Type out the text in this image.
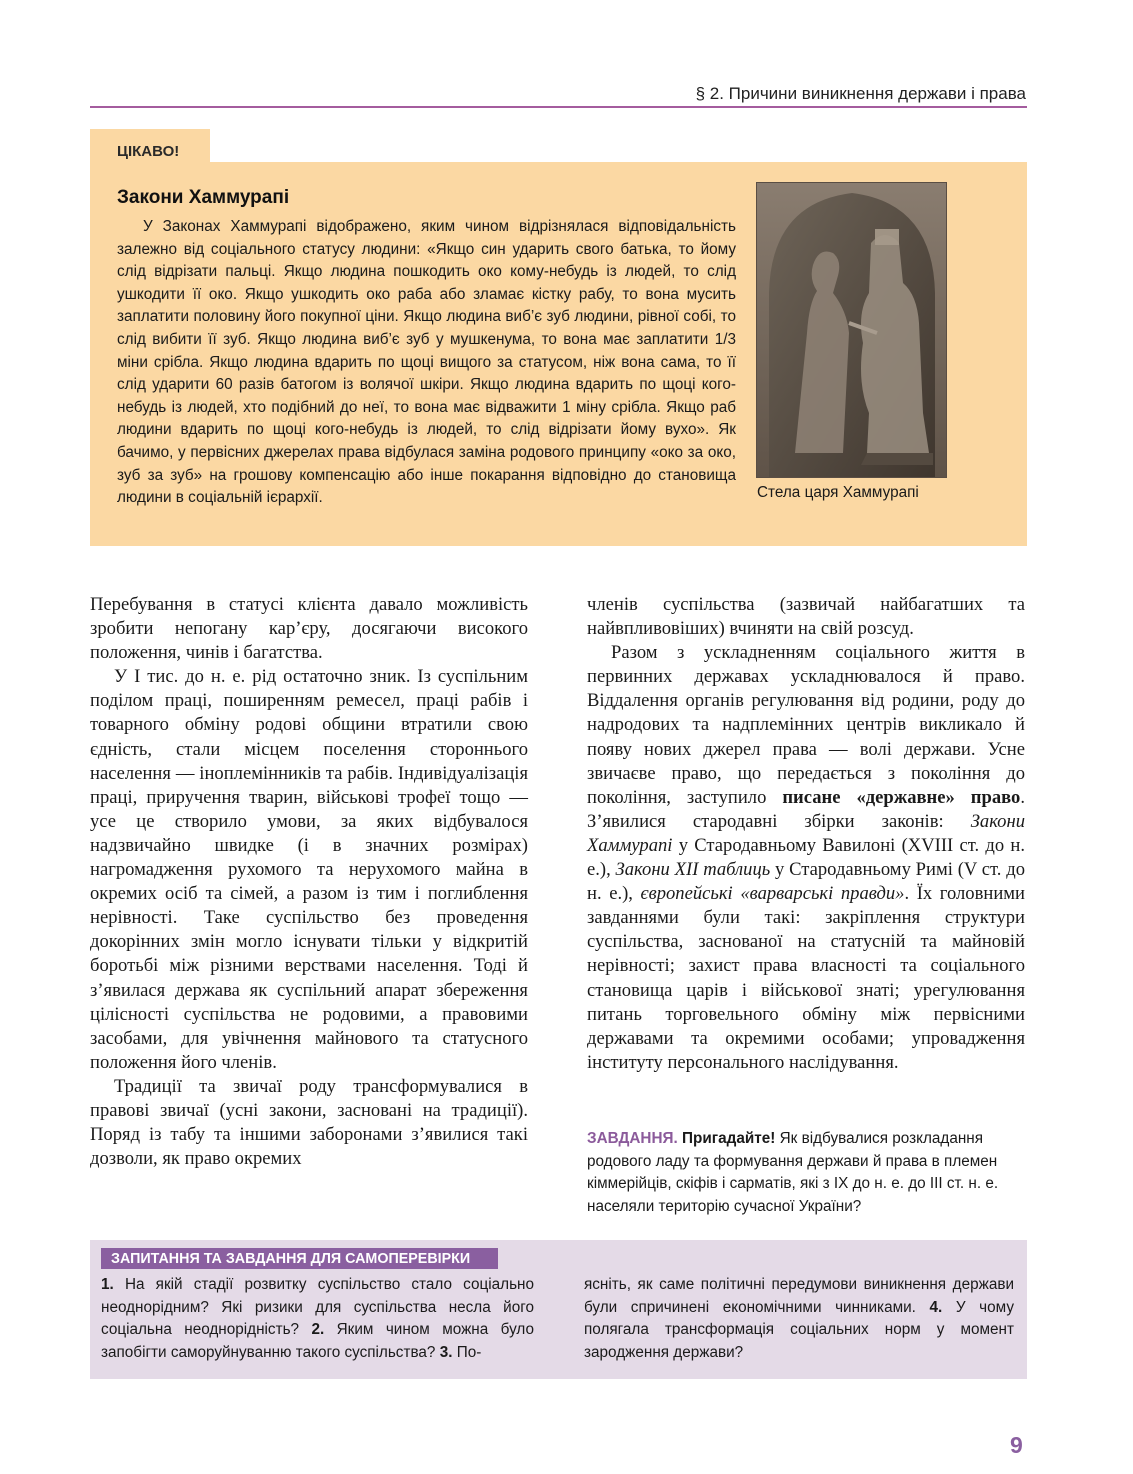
§ 2. Причини виникнення держави і права
ЦІКАВО!
Закони Хаммурапі

У Законах Хаммурапі відображено, яким чином відрізнялася відповідальність залежно від соціального статусу людини: «Якщо син ударить свого батька, то йому слід відрізати пальці. Якщо людина пошкодить око кому-небудь із людей, то слід ушкодити її око. Якщо ушкодить око раба або зламає кістку рабу, то вона мусить заплатити половину його покупної ціни. Якщо людина виб’є зуб людини, рівної собі, то слід вибити її зуб. Якщо людина виб’є зуб у мушкенума, то вона має заплатити 1/3 міни срібла. Якщо людина вдарить по щоці вищого за статусом, ніж вона сама, то її слід ударити 60 разів батогом із волячої шкіри. Якщо людина вдарить по щоці кого-небудь із людей, хто подібний до неї, то вона має відважити 1 міну срібла. Якщо раб людини вдарить по щоці кого-небудь із людей, то слід відрізати йому вухо». Як бачимо, у первісних джерелах права відбулася заміна родового принципу «око за око, зуб за зуб» на грошову компенсацію або інше покарання відповідно до становища людини в соціальній ієрархії.	Стела царя Хаммурапі

Перебування в статусі клієнта давало можливість зробити непогану кар’єру, досягаючи високого положення, чинів і багатства.

У І тис. до н. е. рід остаточно зник. Із суспільним поділом праці, поширенням ремесел, праці рабів і товарного обміну родові общини втратили свою єдність, стали місцем поселення стороннього населення — іноплемінників та рабів. Індивідуалізація праці, приручення тварин, військові трофеї тощо — усе це створило умови, за яких відбувалося надзвичайно швидке (і в значних розмірах) нагромадження рухомого та нерухомого майна в окремих осіб та сімей, а разом із тим і поглиблення нерівності. Таке суспільство без проведення докорінних змін могло існувати тільки у відкритій боротьбі між різними верствами населення. Тоді й з’явилася держава як суспільний апарат збереження цілісності суспільства не родовими, а правовими засобами, для увічнення майнового та статусного положення його членів.

Традиції та звичаї роду трансформувалися в правові звичаї (усні закони, засновані на традиції). Поряд із табу та іншими заборонами з’явилися такі дозволи, як право окремих

членів суспільства (зазвичай найбагатших та найвпливовіших) вчиняти на свій розсуд.

Разом з ускладненням соціального життя в первинних державах ускладнювалося й право. Віддалення органів регулювання від родини, роду до надродових та надплемінних центрів викликало й появу нових джерел права — волі держави. Усне звичаєве право, що передається з покоління до покоління, заступило писане «державне» право. З’явилися стародавні збірки законів: Закони Хаммурапі у Стародавньому Вавилоні (XVIII ст. до н. е.), Закони XII таблиць у Стародавньому Римі (V ст. до н. е.), європейські «варварські правди». Їх головними завданнями були такі: закріплення структури суспільства, заснованої на статусній та майновій нерівності; захист права власності та соціального становища царів і військової знаті; урегулювання питань торговельного обміну між первісними державами та окремими особами; упровадження інституту персонального наслідування.

ЗАВДАННЯ. Пригадайте! Як відбувалися розкладання родового ладу та формування держави й права в племен кіммерійців, скіфів і сарматів, які з IX до н. е. до III ст. н. е. населяли територію сучасної України?
ЗАПИТАННЯ ТА ЗАВДАННЯ ДЛЯ САМОПЕРЕВІРКИ
1. На якій стадії розвитку суспільство стало соціально неоднорідним? Які ризики для суспільства несла його соціальна неоднорідність? 2. Яким чином можна було запобігти саморуйнуванню такого суспільства? 3. По-
ясніть, як саме політичні передумови виникнення держави були спричинені економічними чинниками. 4. У чому полягала трансформація соціальних норм у момент зародження держави?
9
